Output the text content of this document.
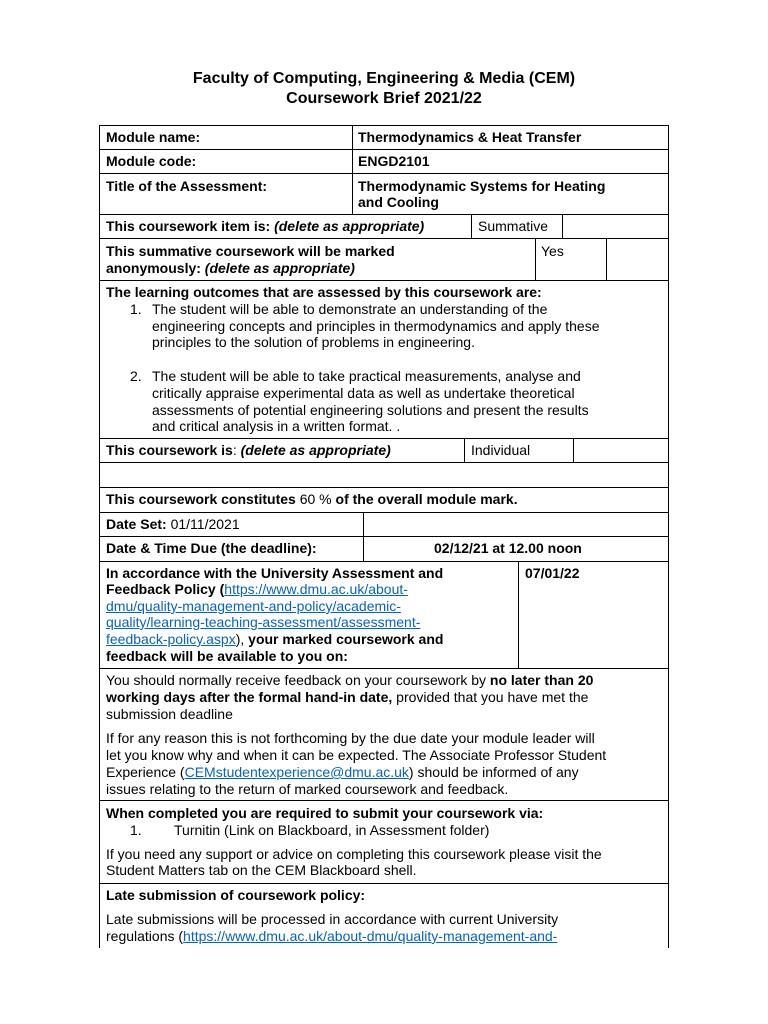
Faculty of Computing, Engineering & Media (CEM)
Coursework Brief 2021/22
Module name:	Thermodynamics & Heat Transfer
Module code:	ENGD2101
Title of the Assessment:	Thermodynamic Systems for Heating
and Cooling
This coursework item is: (delete as appropriate)	Summative
This summative coursework will be marked
anonymously: (delete as appropriate)
Yes
The learning outcomes that are assessed by this coursework are:
1. The student will be able to demonstrate an understanding of the
engineering concepts and principles in thermodynamics and apply these
principles to the solution of problems in engineering.
2. The student will be able to take practical measurements, analyse and
critically appraise experimental data as well as undertake theoretical
assessments of potential engineering solutions and present the results
and critical analysis in a written format. .
This coursework is: (delete as appropriate)	Individual
This coursework constitutes 60 % of the overall module mark.
Date Set: 01/11/2021
Date & Time Due (the deadline):	02/12/21 at 12.00 noon
In accordance with the University Assessment and
Feedback Policy (https://www.dmu.ac.uk/about-
dmu/quality-management-and-policy/academic-
quality/learning-teaching-assessment/assessment-
feedback-policy.aspx), your marked coursework and
feedback will be available to you on:
07/01/22
You should normally receive feedback on your coursework by no later than 20
working days after the formal hand-in date, provided that you have met the
submission deadline
If for any reason this is not forthcoming by the due date your module leader will
let you know why and when it can be expected. The Associate Professor Student
Experience (CEMstudentexperience@dmu.ac.uk) should be informed of any
issues relating to the return of marked coursework and feedback.
When completed you are required to submit your coursework via:
1. Turnitin (Link on Blackboard, in Assessment folder)
If you need any support or advice on completing this coursework please visit the
Student Matters tab on the CEM Blackboard shell.
Late submission of coursework policy:
Late submissions will be processed in accordance with current University
regulations (https://www.dmu.ac.uk/about-dmu/quality-management-and-
